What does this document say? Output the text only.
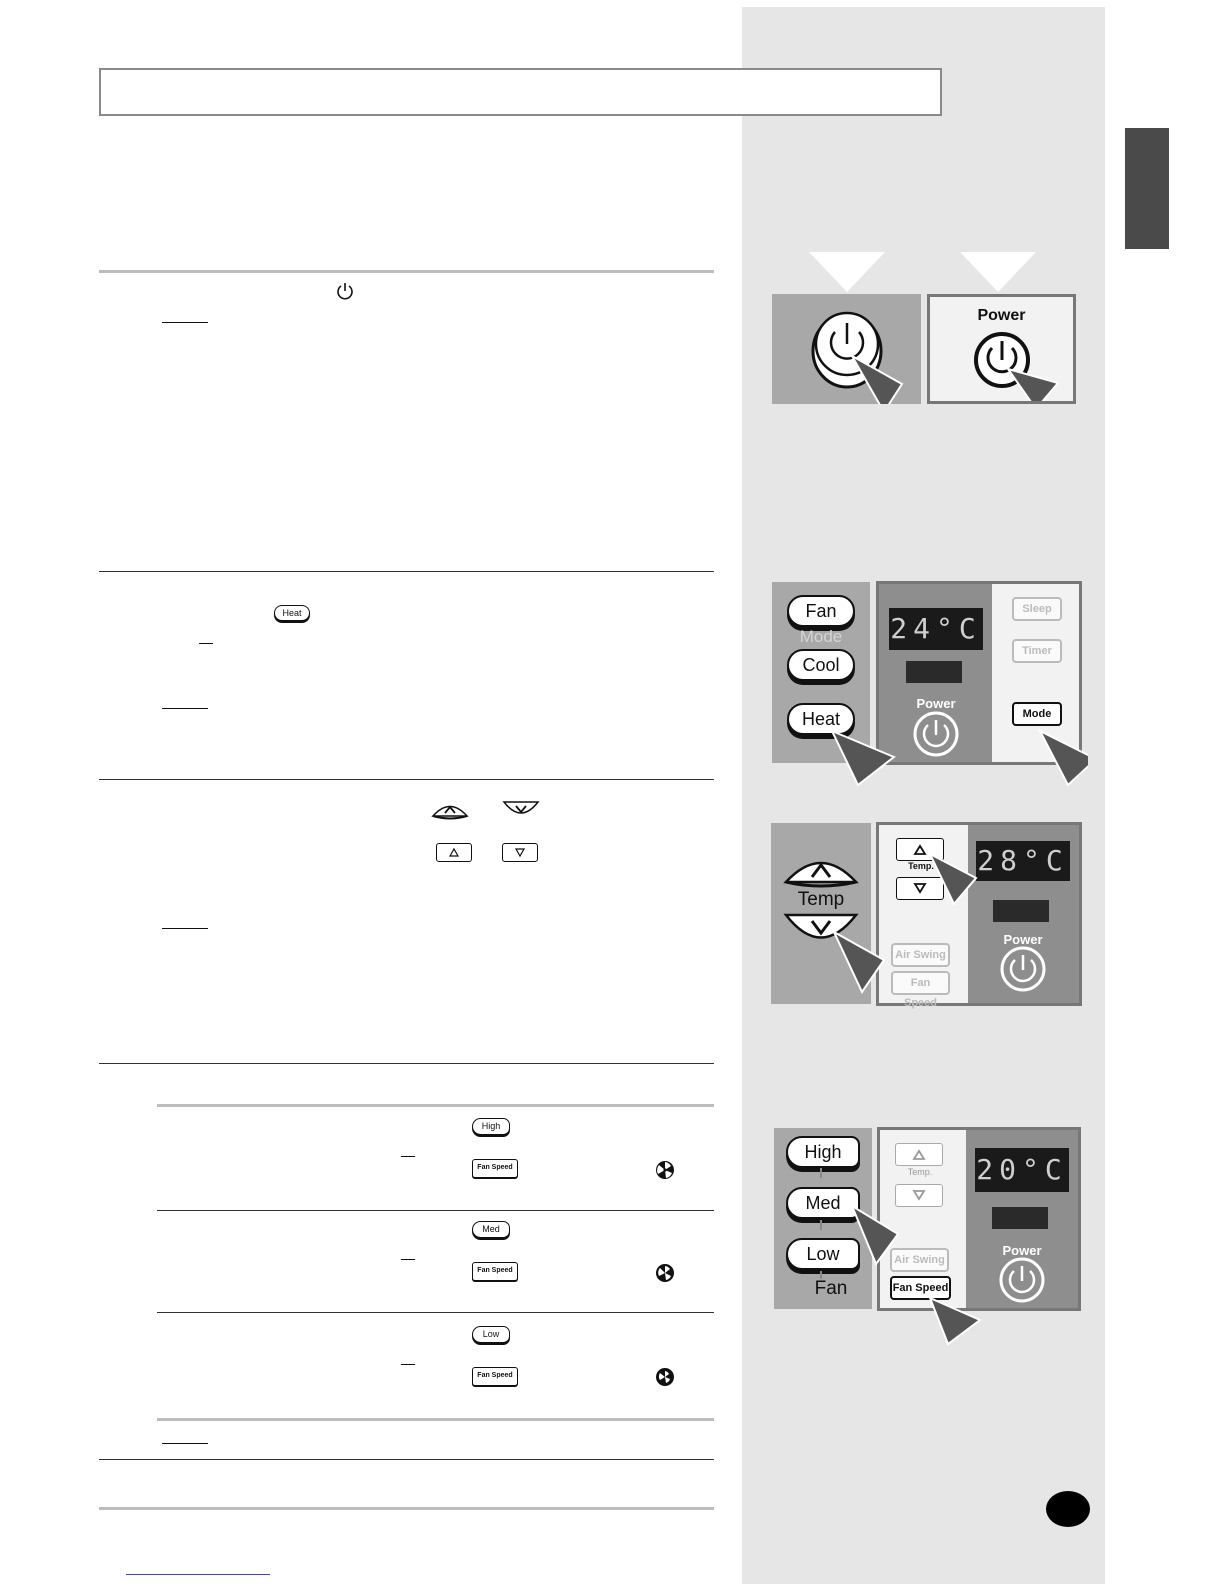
Heat
High
Fan Speed
Med
Fan Speed
Low
Fan Speed
Power
Fan
Mode
Cool
Heat
24°C
Power
Sleep
Timer
Mode
Temp
Temp.
Air Swing
Fan Speed
28°C
Power
High
Med
Low
Fan
Temp.
Air Swing
Fan Speed
20°C
Power
